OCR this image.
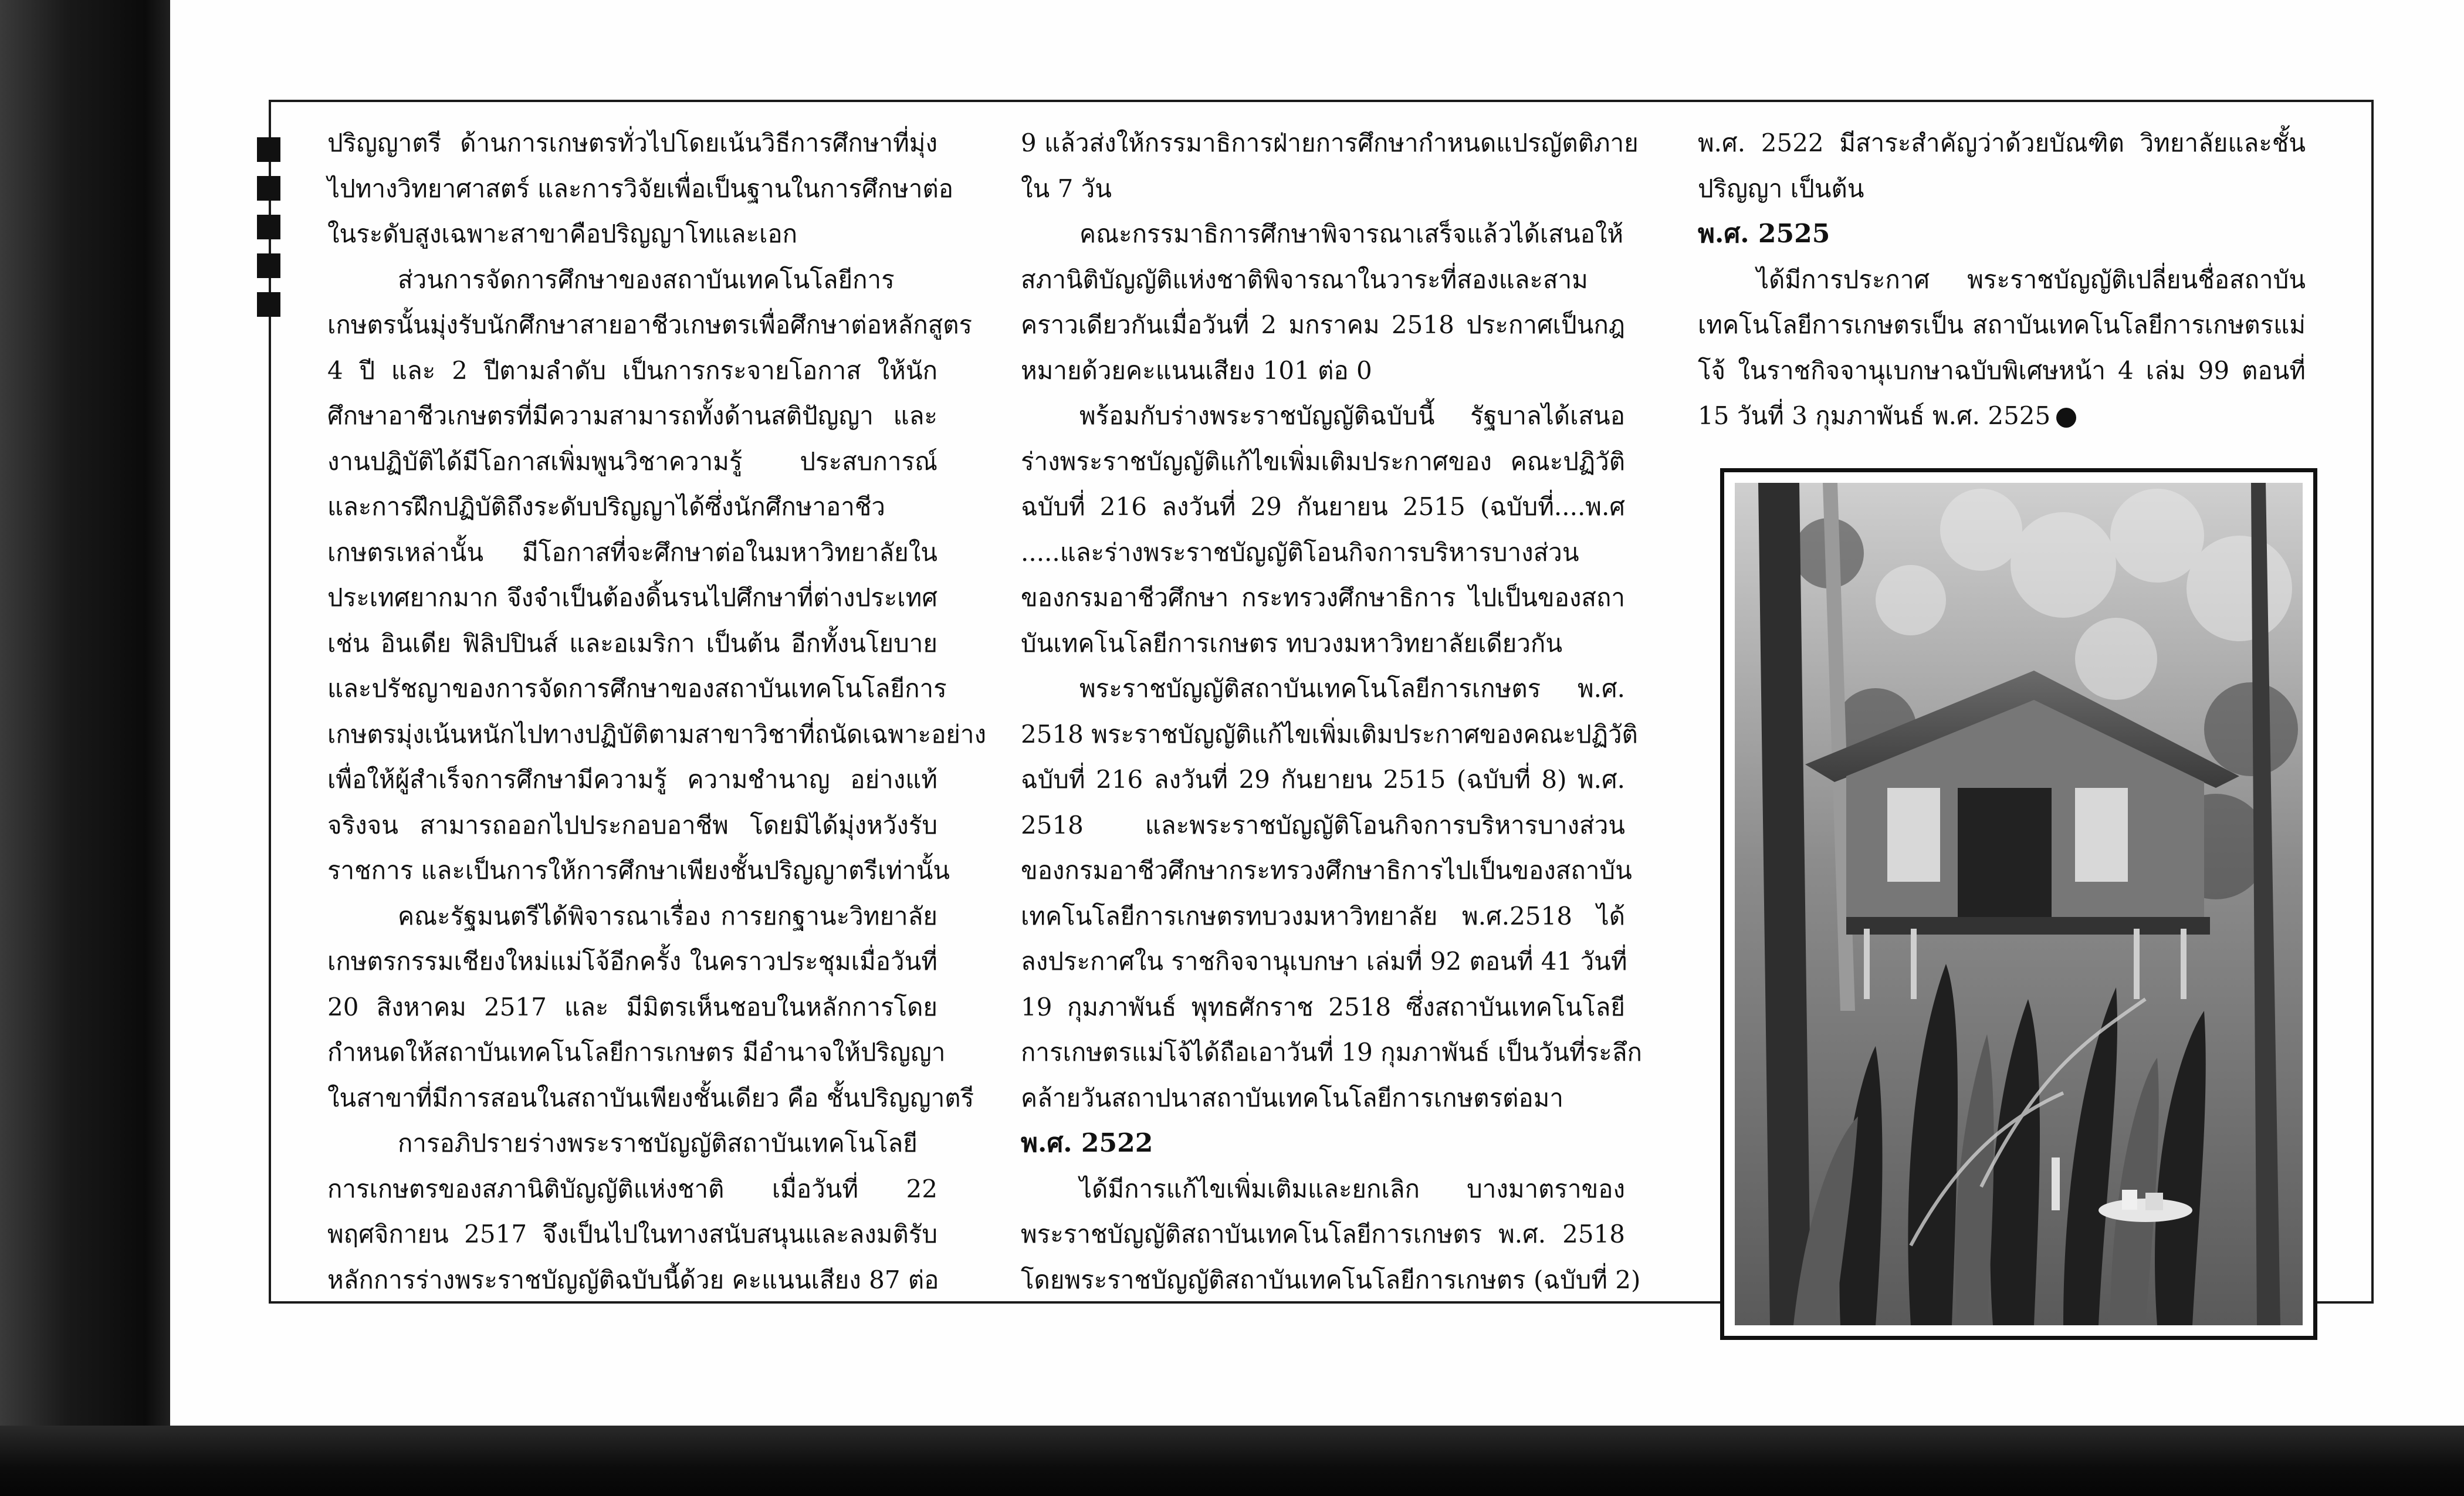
ปริญญาตรี ด้านการเกษตรทั่วไปโดยเน้นวิธีการศึกษาที่มุ่ง
ไปทางวิทยาศาสตร์ และการวิจัยเพื่อเป็นฐานในการศึกษาต่อ
ในระดับสูงเฉพาะสาขาคือปริญญาโทและเอก

ส่วนการจัดการศึกษาของสถาบันเทคโนโลยีการ
เกษตรนั้นมุ่งรับนักศึกษาสายอาชีวเกษตรเพื่อศึกษาต่อหลักสูตร
4 ปี และ 2 ปีตามลำดับ เป็นการกระจายโอกาส ให้นัก
ศึกษาอาชีวเกษตรที่มีความสามารถทั้งด้านสติปัญญา และ
งานปฏิบัติได้มีโอกาสเพิ่มพูนวิชาความรู้ ประสบการณ์
และการฝึกปฏิบัติถึงระดับปริญญาได้ซึ่งนักศึกษาอาชีว
เกษตรเหล่านั้น มีโอกาสที่จะศึกษาต่อในมหาวิทยาลัยใน
ประเทศยากมาก จึงจำเป็นต้องดิ้นรนไปศึกษาที่ต่างประเทศ
เช่น อินเดีย ฟิลิปปินส์ และอเมริกา เป็นต้น อีกทั้งนโยบาย
และปรัชญาของการจัดการศึกษาของสถาบันเทคโนโลยีการ
เกษตรมุ่งเน้นหนักไปทางปฏิบัติตามสาขาวิชาที่ถนัดเฉพาะอย่าง
เพื่อให้ผู้สำเร็จการศึกษามีความรู้ ความชำนาญ อย่างแท้
จริงจน สามารถออกไปประกอบอาชีพ โดยมิได้มุ่งหวังรับ
ราชการ และเป็นการให้การศึกษาเพียงชั้นปริญญาตรีเท่านั้น

คณะรัฐมนตรีได้พิจารณาเรื่อง การยกฐานะวิทยาลัย
เกษตรกรรมเชียงใหม่แม่โจ้อีกครั้ง ในคราวประชุมเมื่อวันที่
20 สิงหาคม 2517 และ มีมิตรเห็นชอบในหลักการโดย
กำหนดให้สถาบันเทคโนโลยีการเกษตร มีอำนาจให้ปริญญา
ในสาขาที่มีการสอนในสถาบันเพียงชั้นเดียว คือ ชั้นปริญญาตรี

การอภิปรายร่างพระราชบัญญัติสถาบันเทคโนโลยี
การเกษตรของสภานิติบัญญัติแห่งชาติ เมื่อวันที่ 22
พฤศจิกายน 2517 จึงเป็นไปในทางสนับสนุนและลงมติรับ
หลักการร่างพระราชบัญญัติฉบับนี้ด้วย คะแนนเสียง 87 ต่อ

9 แล้วส่งให้กรรมาธิการฝ่ายการศึกษากำหนดแปรญัตติภาย
ใน 7 วัน

คณะกรรมาธิการศึกษาพิจารณาเสร็จแล้วได้เสนอให้
สภานิติบัญญัติแห่งชาติพิจารณาในวาระที่สองและสาม
คราวเดียวกันเมื่อวันที่ 2 มกราคม 2518 ประกาศเป็นกฎ
หมายด้วยคะแนนเสียง 101 ต่อ 0

พร้อมกับร่างพระราชบัญญัติฉบับนี้ รัฐบาลได้เสนอ
ร่างพระราชบัญญัติแก้ไขเพิ่มเติมประกาศของ คณะปฏิวัติ
ฉบับที่ 216 ลงวันที่ 29 กันยายน 2515 (ฉบับที่....พ.ศ
.....และร่างพระราชบัญญัติโอนกิจการบริหารบางส่วน
ของกรมอาชีวศึกษา กระทรวงศึกษาธิการ ไปเป็นของสถา
บันเทคโนโลยีการเกษตร ทบวงมหาวิทยาลัยเดียวกัน

พระราชบัญญัติสถาบันเทคโนโลยีการเกษตร พ.ศ.
2518 พระราชบัญญัติแก้ไขเพิ่มเติมประกาศของคณะปฏิวัติ
ฉบับที่ 216 ลงวันที่ 29 กันยายน 2515 (ฉบับที่ 8) พ.ศ.
2518 และพระราชบัญญัติโอนกิจการบริหารบางส่วน
ของกรมอาชีวศึกษากระทรวงศึกษาธิการไปเป็นของสถาบัน
เทคโนโลยีการเกษตรทบวงมหาวิทยาลัย พ.ศ.2518 ได้
ลงประกาศใน ราชกิจจานุเบกษา เล่มที่ 92 ตอนที่ 41 วันที่
19 กุมภาพันธ์ พุทธศักราช 2518 ซึ่งสถาบันเทคโนโลยี
การเกษตรแม่โจ้ได้ถือเอาวันที่ 19 กุมภาพันธ์ เป็นวันที่ระลึก
คล้ายวันสถาปนาสถาบันเทคโนโลยีการเกษตรต่อมา

พ.ศ. 2522

ได้มีการแก้ไขเพิ่มเติมและยกเลิก บางมาตราของ
พระราชบัญญัติสถาบันเทคโนโลยีการเกษตร พ.ศ. 2518
โดยพระราชบัญญัติสถาบันเทคโนโลยีการเกษตร (ฉบับที่ 2)

พ.ศ. 2522 มีสาระสำคัญว่าด้วยบัณฑิต วิทยาลัยและชั้น
ปริญญา เป็นต้น

พ.ศ. 2525

ได้มีการประกาศ พระราชบัญญัติเปลี่ยนชื่อสถาบัน
เทคโนโลยีการเกษตรเป็น สถาบันเทคโนโลยีการเกษตรแม่
โจ้ ในราชกิจจานุเบกษาฉบับพิเศษหน้า 4 เล่ม 99 ตอนที่
15 วันที่ 3 กุมภาพันธ์ พ.ศ. 2525
